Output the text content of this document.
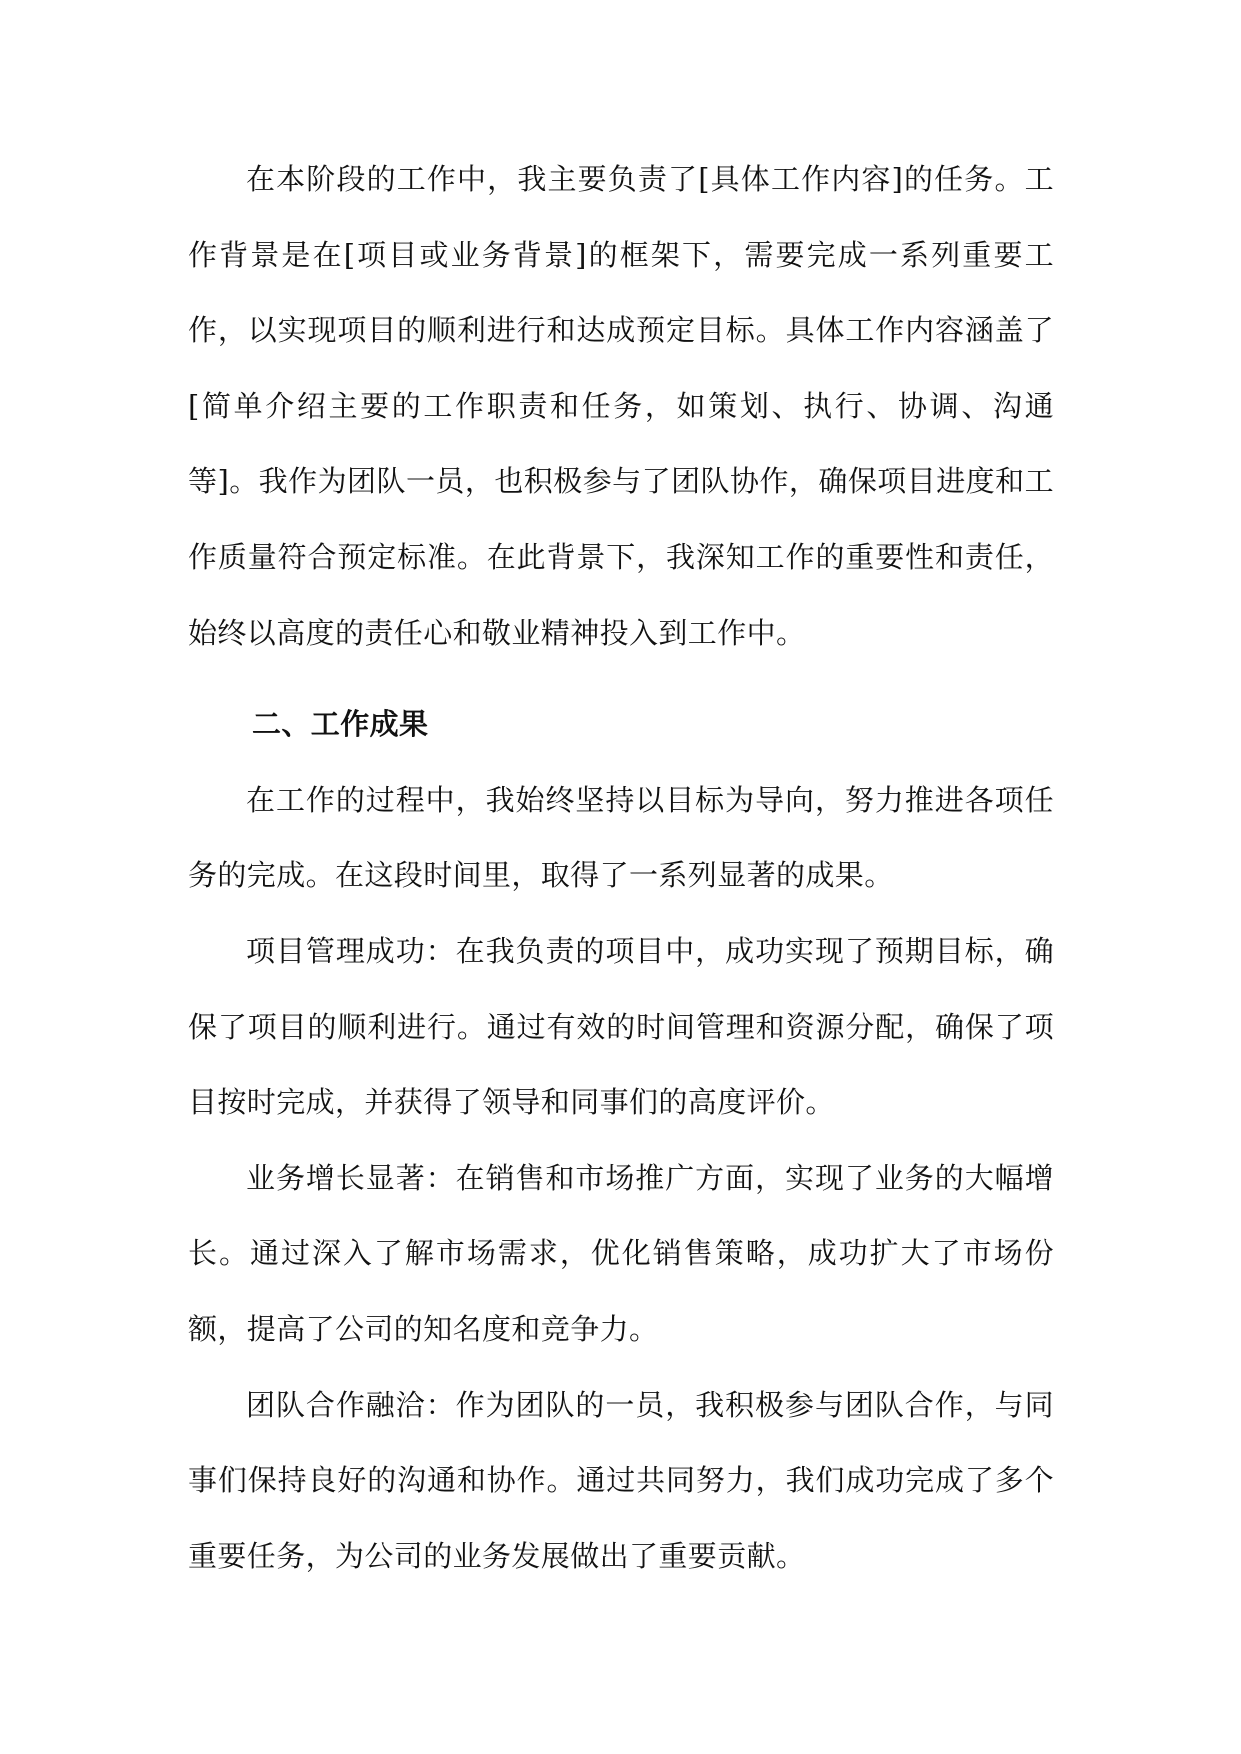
在本阶段的工作中，我主要负责了[具体工作内容]的任务。工作背景是在[项目或业务背景]的框架下，需要完成一系列重要工作，以实现项目的顺利进行和达成预定目标。具体工作内容涵盖了[简单介绍主要的工作职责和任务，如策划、执行、协调、沟通等]。我作为团队一员，也积极参与了团队协作，确保项目进度和工作质量符合预定标准。在此背景下，我深知工作的重要性和责任，始终以高度的责任心和敬业精神投入到工作中。

二、工作成果

在工作的过程中，我始终坚持以目标为导向，努力推进各项任务的完成。在这段时间里，取得了一系列显著的成果。

项目管理成功：在我负责的项目中，成功实现了预期目标，确保了项目的顺利进行。通过有效的时间管理和资源分配，确保了项目按时完成，并获得了领导和同事们的高度评价。

业务增长显著：在销售和市场推广方面，实现了业务的大幅增长。通过深入了解市场需求，优化销售策略，成功扩大了市场份额，提高了公司的知名度和竞争力。

团队合作融洽：作为团队的一员，我积极参与团队合作，与同事们保持良好的沟通和协作。通过共同努力，我们成功完成了多个重要任务，为公司的业务发展做出了重要贡献。
